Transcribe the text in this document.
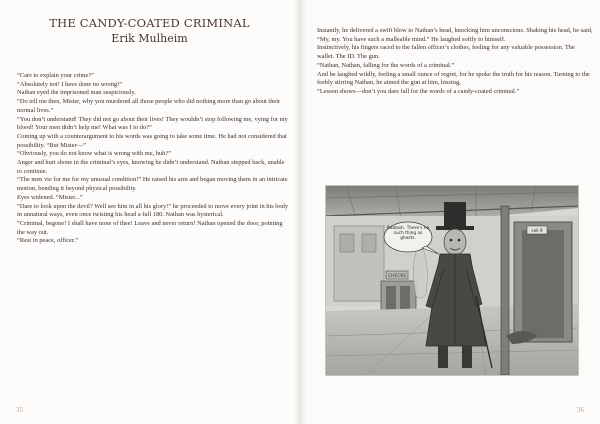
THE CANDY-COATED CRIMINAL
Erik Mulheim

“Care to explain your crime?”

“Absolutely not! I have done no wrong!”

Nathan eyed the imprisoned man suspiciously.

“Do tell me then, Mister, why you murdered all those people who did nothing more than go about their normal lives.”

“You don’t understand! They did not go about their lives! They wouldn’t stop following me, vying for my blood! Your men didn’t help me! What was I to do?”

Coming up with a counterargument to his words was going to take some time. He had not considered that possibility. “But Mister—”

“Obviously, you do not know what is wrong with me, huh?”

Anger and hurt shone in the criminal’s eyes, knowing he didn’t understand. Nathan stepped back, unable to continue.

“The men vie for me for my unusual condition!” He raised his arm and began moving them in an intricate motion, bending it beyond physical possibility.

Eyes widened. “Mister...”

“Dare to look upon the devil? Well see him in all his glory!” he proceeded to move every joint in his body in unnatural ways, even once twisting his head a full 180. Nathan was hysterical.

“Criminal, begone! I shall have none of thee! Leave and never return! Nathan opened the door, pointing the way out.

“Rest in peace, officer.”

35

Instantly, he delivered a swift blow to Nathan’s head, knocking him unconscious. Shaking his head, he said,

“My, my. You have such a malleable mind.” He laughed softly to himself.

Instinctively, his fingers raced to the fallen officer’s clothes, feeling for any valuable possession. The wallet. The ID. The gun.

“Nathan, Nathan, falling for the words of a criminal.”

And he laughed wildly, feeling a small ounce of regret, for he spoke the truth for his reason. Turning to the feebly stirring Nathan, he aimed the gun at him, hissing,

“Lesson shows—don’t you dare fall for the words of a candy-coated criminal.”

CHECKS
cell 9
Rubbish. There's no such thing as ghosts.
36
